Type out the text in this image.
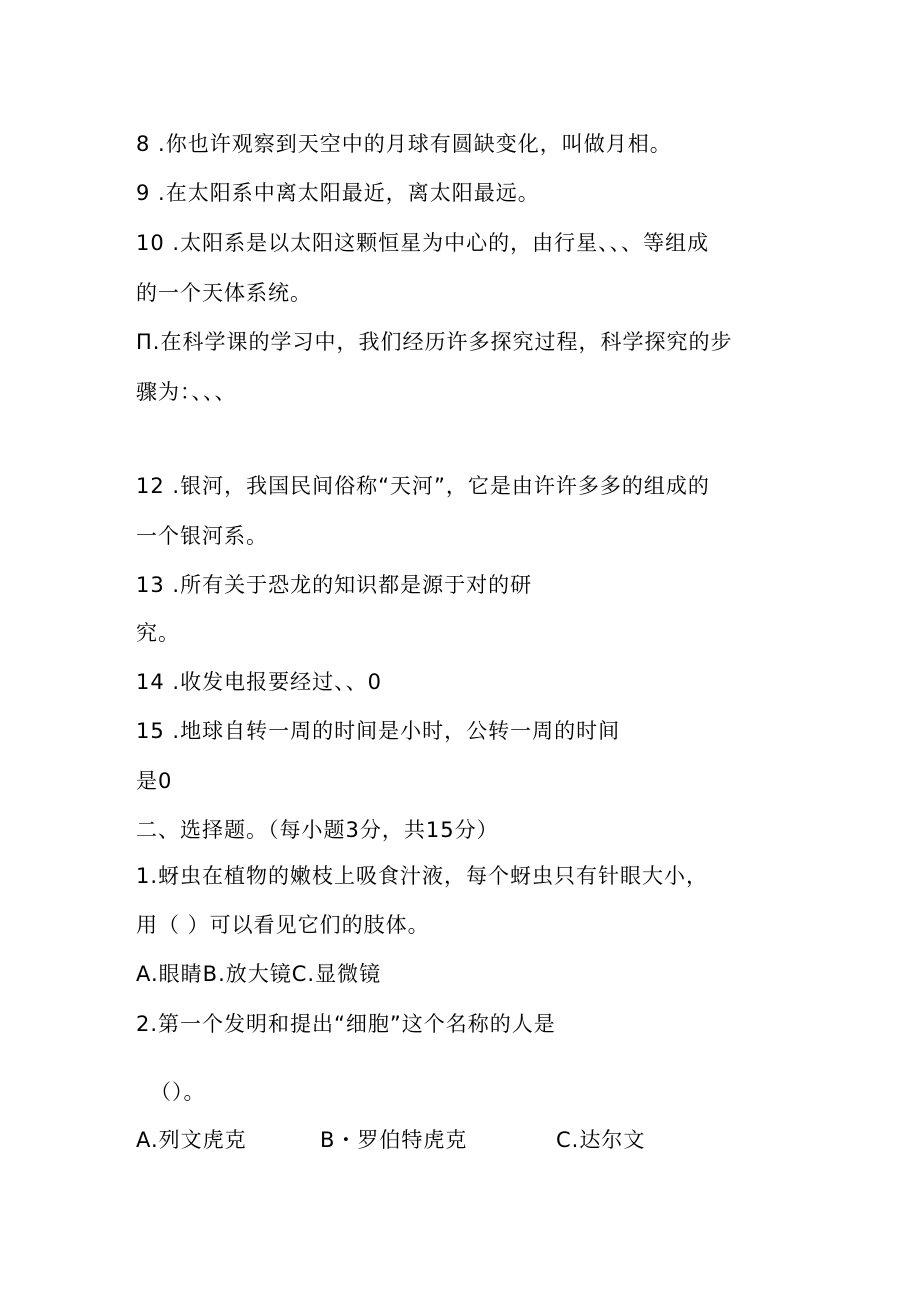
8 .你也许观察到天空中的月球有圆缺变化，叫做月相。
9 .在太阳系中离太阳最近，离太阳最远。
10 .太阳系是以太阳这颗恒星为中心的，由行星、、、等组成
的一个天体系统。
Π.在科学课的学习中，我们经历许多探究过程，科学探究的步
骤为：、、、
12 .银河，我国民间俗称“天河”，它是由许许多多的组成的
一个银河系。
13 .所有关于恐龙的知识都是源于对的研
究。
14 .收发电报要经过、、0
15 .地球自转一周的时间是小时，公转一周的时间
是0
二、选择题。（每小题3分，共15分）
1.蚜虫在植物的嫩枝上吸食汁液，每个蚜虫只有针眼大小，
用（ ）可以看见它们的肢体。
A.眼睛B.放大镜C.显微镜
2.第一个发明和提出“细胞”这个名称的人是
（）。
A.列文虎克	B・罗伯特虎克	C.达尔文
